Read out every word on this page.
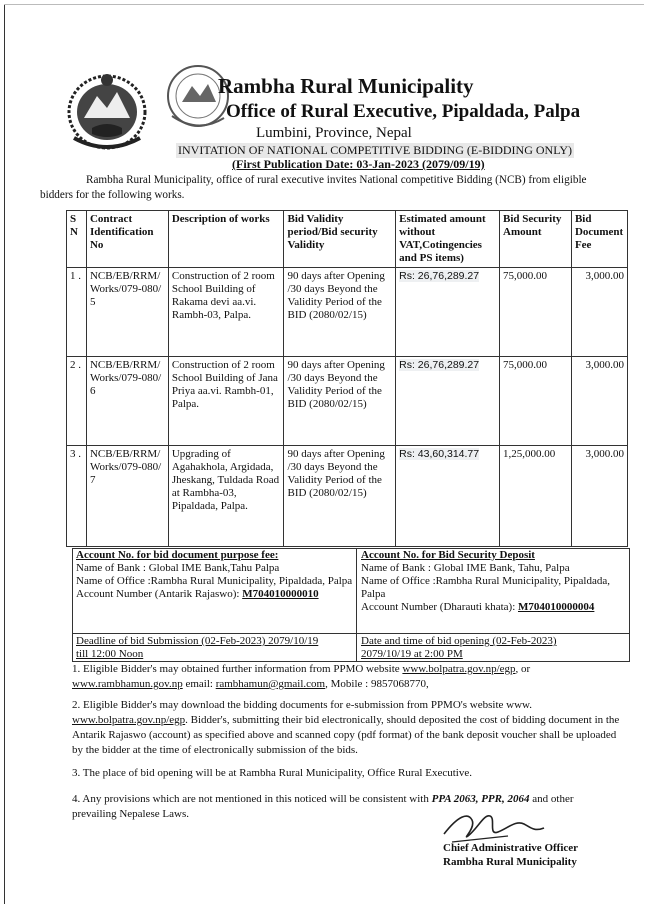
Rambha Rural Municipality
Office of Rural Executive, Pipaldada, Palpa
Lumbini, Province, Nepal
INVITATION OF NATIONAL COMPETITIVE BIDDING (E-BIDDING ONLY)
(First Publication Date: 03-Jan-2023 (2079/09/19)
Rambha Rural Municipality, office of rural executive invites National competitive Bidding (NCB) from eligible bidders for the following works.
S N	Contract Identification No	Description of works	Bid Validity period/Bid security Validity	Estimated amount without VAT,Cotingencies and PS items)	Bid Security Amount	Bid Document Fee
1 .	NCB/EB/RRM/Works/079-080/5	Construction of 2 room School Building of Rakama devi aa.vi. Rambh-03, Palpa.	90 days after Opening /30 days Beyond the Validity Period of the BID (2080/02/15)	Rs: 26,76,289.27	75,000.00	3,000.00
2 .	NCB/EB/RRM/Works/079-080/6	Construction of 2 room School Building of Jana Priya aa.vi. Rambh-01, Palpa.	90 days after Opening /30 days Beyond the Validity Period of the BID (2080/02/15)	Rs: 26,76,289.27	75,000.00	3,000.00
3 .	NCB/EB/RRM/Works/079-080/7	Upgrading of Agahakhola, Argidada, Jheskang, Tuldada Road at Rambha-03, Pipaldada, Palpa.	90 days after Opening /30 days Beyond the Validity Period of the BID (2080/02/15)	Rs: 43,60,314.77	1,25,000.00	3,000.00
Account No. for bid document purpose fee:
Name of Bank : Global IME Bank,Tahu Palpa
Name of Office :Rambha Rural Municipality, Pipaldada, Palpa
Account Number (Antarik Rajaswo): M704010000010
Account No. for Bid Security Deposit
Name of Bank : Global IME Bank, Tahu, Palpa
Name of Office :Rambha Rural Municipality, Pipaldada, Palpa
Account Number (Dharauti khata): M704010000004
Deadline of bid Submission (02-Feb-2023) 2079/10/19
till 12:00 Noon
Date and time of bid opening (02-Feb-2023)
2079/10/19 at 2:00 PM
1. Eligible Bidder's may obtained further information from PPMO website www.bolpatra.gov.np/egp, or www.rambhamun.gov.np email: rambhamun@gmail.com, Mobile : 9857068770,
2. Eligible Bidder's may download the bidding documents for e-submission from PPMO's website www. www.bolpatra.gov.np/egp. Bidder's, submitting their bid electronically, should deposited the cost of bidding document in the Antarik Rajaswo (account) as specified above and scanned copy (pdf format) of the bank deposit voucher shall be uploaded by the bidder at the time of electronically submission of the bids.
3. The place of bid opening will be at Rambha Rural Municipality, Office Rural Executive.
4. Any provisions which are not mentioned in this noticed will be consistent with PPA 2063, PPR, 2064 and other prevailing Nepalese Laws.
Chief Administrative Officer
Rambha Rural Municipality
